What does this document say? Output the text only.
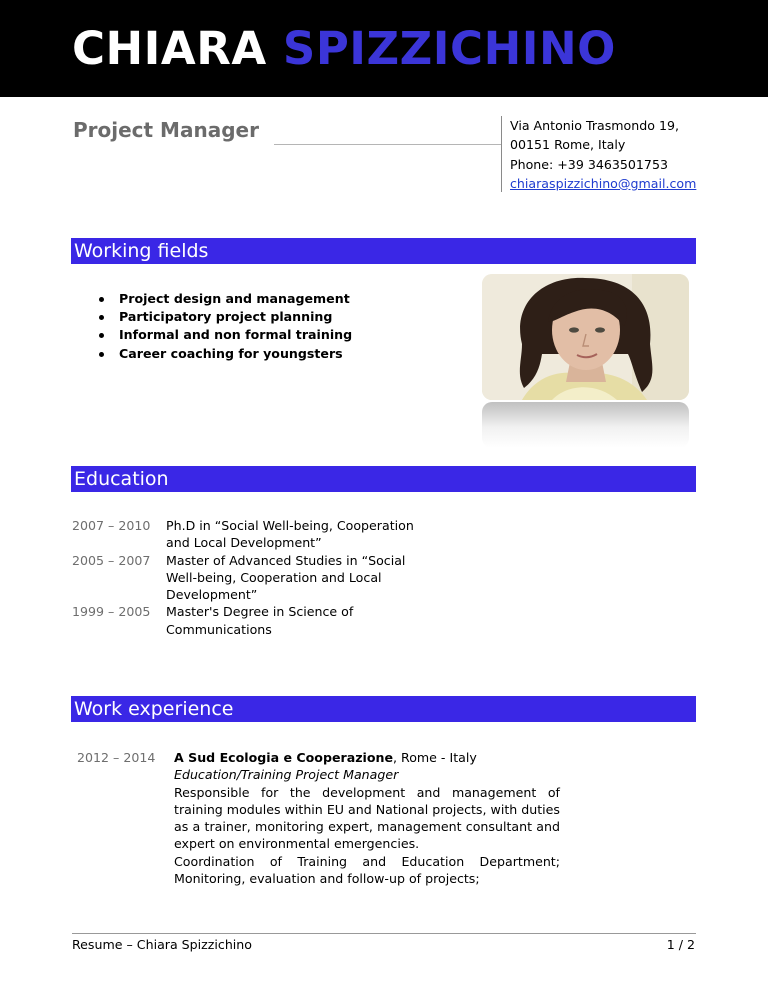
CHIARA SPIZZICHINO
Project Manager	Via Antonio Trasmondo 19,
00151 Rome, Italy
Phone: +39 3463501753
chiaraspizzichino@gmail.com
Working fields
Project design and management
Participatory project planning
Informal and non formal training
Career coaching for youngsters
Education
2007 – 2010	Ph.D in “Social Well-being, Cooperation
and Local Development”
2005 – 2007	Master of Advanced Studies in “Social
Well-being, Cooperation and Local
Development”
1999 – 2005	Master's Degree in Science of
Communications
Work experience
2012 – 2014 A Sud Ecologia e Cooperazione, Rome - Italy
Education/Training Project Manager
Responsible for the development and management of training modules within EU and National projects, with duties as a trainer, monitoring expert, management consultant and expert on environmental emergencies.
Coordination of Training and Education Department; Monitoring, evaluation and follow-up of projects;
Resume – Chiara Spizzichino	1 / 2
